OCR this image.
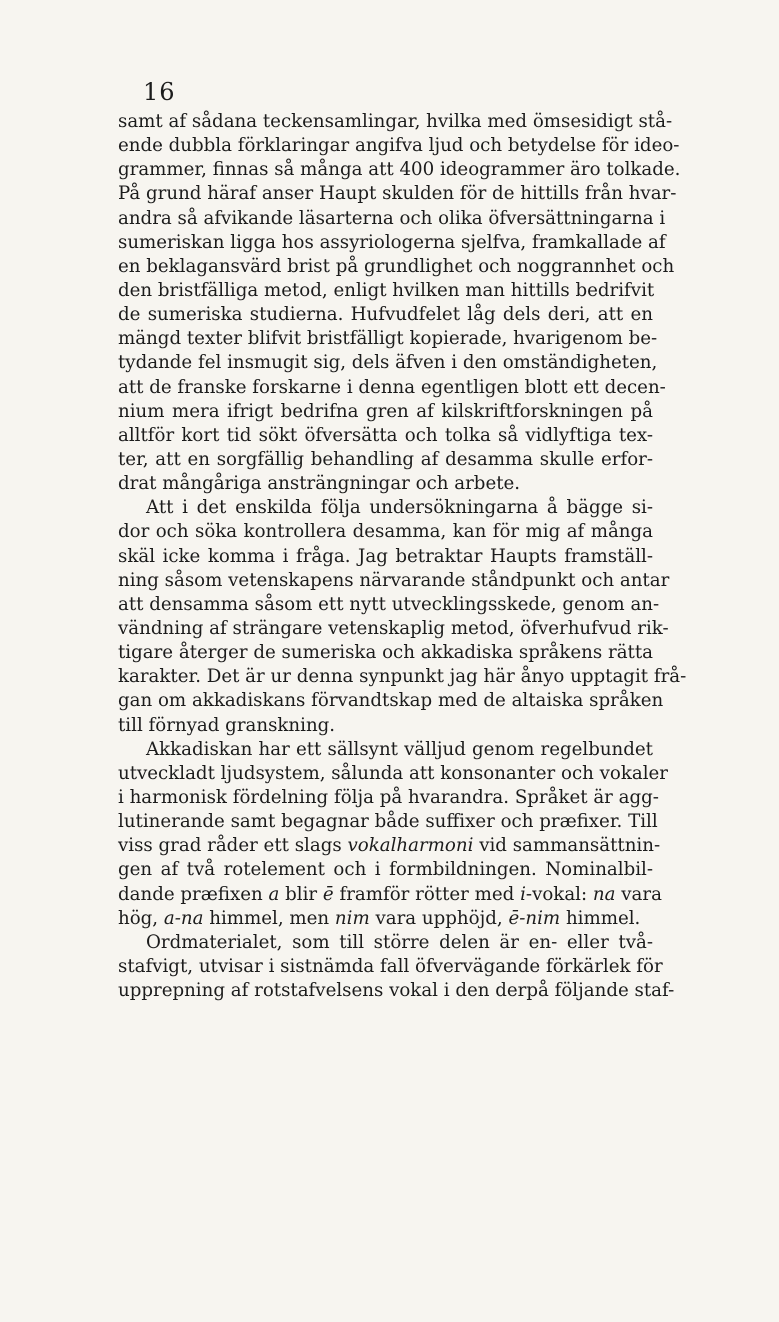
16
samt af sådana teckensamlingar, hvilka med ömsesidigt stå-
ende dubbla förklaringar angifva ljud och betydelse för ideo-
grammer, finnas så många att 400 ideogrammer äro tolkade.
På grund häraf anser Haupt skulden för de hittills från hvar-
andra så afvikande läsarterna och olika öfversättningarna i
sumeriskan ligga hos assyriologerna sjelfva, framkallade af
en beklagansvärd brist på grundlighet och noggrannhet och
den bristfälliga metod, enligt hvilken man hittills bedrifvit
de sumeriska studierna. Hufvudfelet låg dels deri, att en
mängd texter blifvit bristfälligt kopierade, hvarigenom be-
tydande fel insmugit sig, dels äfven i den omständigheten,
att de franske forskarne i denna egentligen blott ett decen-
nium mera ifrigt bedrifna gren af kilskriftforskningen på
alltför kort tid sökt öfversätta och tolka så vidlyftiga tex-
ter, att en sorgfällig behandling af desamma skulle erfor-
drat mångåriga ansträngningar och arbete.
Att i det enskilda följa undersökningarna å bägge si-
dor och söka kontrollera desamma, kan för mig af många
skäl icke komma i fråga. Jag betraktar Haupts framställ-
ning såsom vetenskapens närvarande ståndpunkt och antar
att densamma såsom ett nytt utvecklingsskede, genom an-
vändning af strängare vetenskaplig metod, öfverhufvud rik-
tigare återger de sumeriska och akkadiska språkens rätta
karakter. Det är ur denna synpunkt jag här ånyo upptagit frå-
gan om akkadiskans förvandtskap med de altaiska språken
till förnyad granskning.
Akkadiskan har ett sällsynt välljud genom regelbundet
utveckladt ljudsystem, sålunda att konsonanter och vokaler
i harmonisk fördelning följa på hvarandra. Språket är agg-
lutinerande samt begagnar både suffixer och præfixer. Till
viss grad råder ett slags vokalharmoni vid sammansättnin-
gen af två rotelement och i formbildningen. Nominalbil-
dande præfixen a blir ē framför rötter med i-vokal: na vara
hög, a-na himmel, men nim vara upphöjd, ē-nim himmel.
Ordmaterialet, som till större delen är en- eller två-
stafvigt, utvisar i sistnämda fall öfvervägande förkärlek för
upprepning af rotstafvelsens vokal i den derpå följande staf-
